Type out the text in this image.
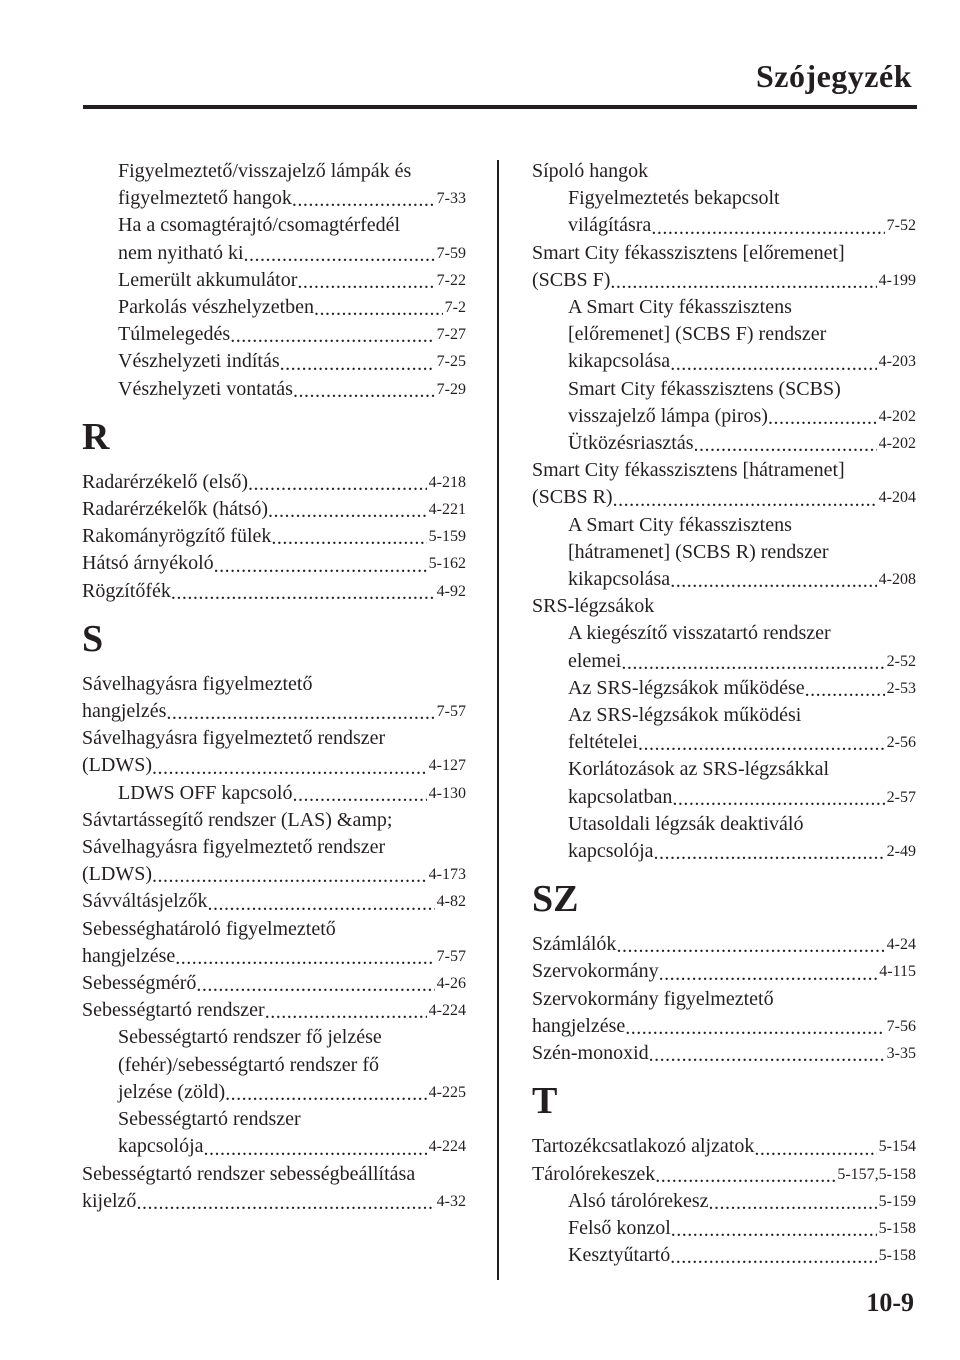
Szójegyzék
Figyelmeztető/visszajelző lámpák és
figyelmeztető hangok .....	7-33
Ha a csomagtérajtó/csomagtérfedél
nem nyitható ki .....	7-59
Lemerült akkumulátor .....	7-22
Parkolás vészhelyzetben .....	7-2
Túlmelegedés .....	7-27
Vészhelyzeti indítás .....	7-25
Vészhelyzeti vontatás .....	7-29
R
Radarérzékelő (első) .....	4-218
Radarérzékelők (hátsó) .....	4-221
Rakományrögzítő fülek .....	5-159
Hátsó árnyékoló .....	5-162
Rögzítőfék .....	4-92
S
Sávelhagyásra figyelmeztető
hangjelzés .....	7-57
Sávelhagyásra figyelmeztető rendszer
(LDWS) .....	4-127
LDWS OFF kapcsoló .....	4-130
Sávtartássegítő rendszer (LAS) &amp;
Sávelhagyásra figyelmeztető rendszer
(LDWS) .....	4-173
Sávváltásjelzők .....	4-82
Sebességhatároló figyelmeztető
hangjelzése .....	7-57
Sebességmérő .....	4-26
Sebességtartó rendszer .....	4-224
Sebességtartó rendszer fő jelzése
(fehér)/sebességtartó rendszer fő
jelzése (zöld) .....	4-225
Sebességtartó rendszer
kapcsolója .....	4-224
Sebességtartó rendszer sebességbeállítása
kijelző .....	4-32
Sípoló hangok
Figyelmeztetés bekapcsolt
világításra .....	7-52
Smart City fékasszisztens [előremenet]
(SCBS F) .....	4-199
A Smart City fékasszisztens
[előremenet] (SCBS F) rendszer
kikapcsolása .....	4-203
Smart City fékasszisztens (SCBS)
visszajelző lámpa (piros) .....	4-202
Ütközésriasztás .....	4-202
Smart City fékasszisztens [hátramenet]
(SCBS R) .....	4-204
A Smart City fékasszisztens
[hátramenet] (SCBS R) rendszer
kikapcsolása .....	4-208
SRS-légzsákok
A kiegészítő visszatartó rendszer
elemei .....	2-52
Az SRS-légzsákok működése .....	2-53
Az SRS-légzsákok működési
feltételei .....	2-56
Korlátozások az SRS-légzsákkal
kapcsolatban .....	2-57
Utasoldali légzsák deaktiváló
kapcsolója .....	2-49
SZ
Számlálók .....	4-24
Szervokormány .....	4-115
Szervokormány figyelmeztető
hangjelzése .....	7-56
Szén-monoxid .....	3-35
T
Tartozékcsatlakozó aljzatok .....	5-154
Tárolórekeszek .....	5-157,5-158
Alsó tárolórekesz .....	5-159
Felső konzol .....	5-158
Kesztyűtartó .....	5-158
10-9
